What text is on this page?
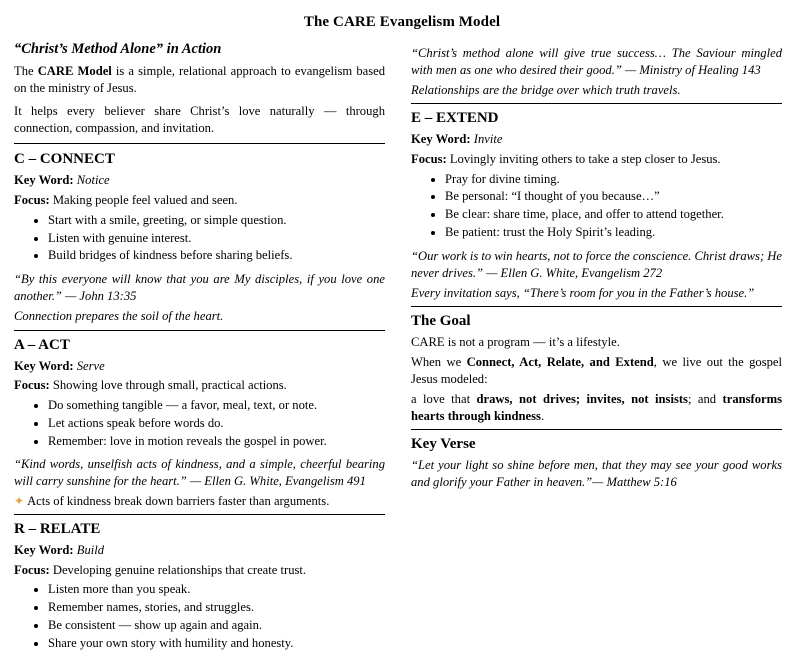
The CARE Evangelism Model
“Christ’s Method Alone” in Action

The CARE Model is a simple, relational approach to evangelism based on the ministry of Jesus.

It helps every believer share Christ’s love naturally — through connection, compassion, and invitation.

C – CONNECT

Key Word: Notice

Focus: Making people feel valued and seen.

• Start with a smile, greeting, or simple question.
• Listen with genuine interest.
• Build bridges of kindness before sharing beliefs.

“By this everyone will know that you are My disciples, if you love one another.” — John 13:35

Connection prepares the soil of the heart.

A – ACT

Key Word: Serve

Focus: Showing love through small, practical actions.

• Do something tangible — a favor, meal, text, or note.
• Let actions speak before words do.
• Remember: love in motion reveals the gospel in power.

“Kind words, unselfish acts of kindness, and a simple, cheerful bearing will carry sunshine for the heart.” — Ellen G. White, Evangelism 491

✦ Acts of kindness break down barriers faster than arguments.

R – RELATE

Key Word: Build

Focus: Developing genuine relationships that create trust.

• Listen more than you speak.
• Remember names, stories, and struggles.
• Be consistent — show up again and again.
• Share your own story with humility and honesty.

“Christ’s method alone will give true success… The Saviour mingled with men as one who desired their good.” — Ministry of Healing 143

Relationships are the bridge over which truth travels.

E – EXTEND

Key Word: Invite

Focus: Lovingly inviting others to take a step closer to Jesus.

• Pray for divine timing.
• Be personal: “I thought of you because…”
• Be clear: share time, place, and offer to attend together.
• Be patient: trust the Holy Spirit’s leading.

“Our work is to win hearts, not to force the conscience. Christ draws; He never drives.” — Ellen G. White, Evangelism 272

Every invitation says, “There’s room for you in the Father’s house.”

The Goal

CARE is not a program — it’s a lifestyle.

When we Connect, Act, Relate, and Extend, we live out the gospel Jesus modeled:

a love that draws, not drives; invites, not insists; and transforms hearts through kindness.

Key Verse

“Let your light so shine before men, that they may see your good works and glorify your Father in heaven.”— Matthew 5:16
